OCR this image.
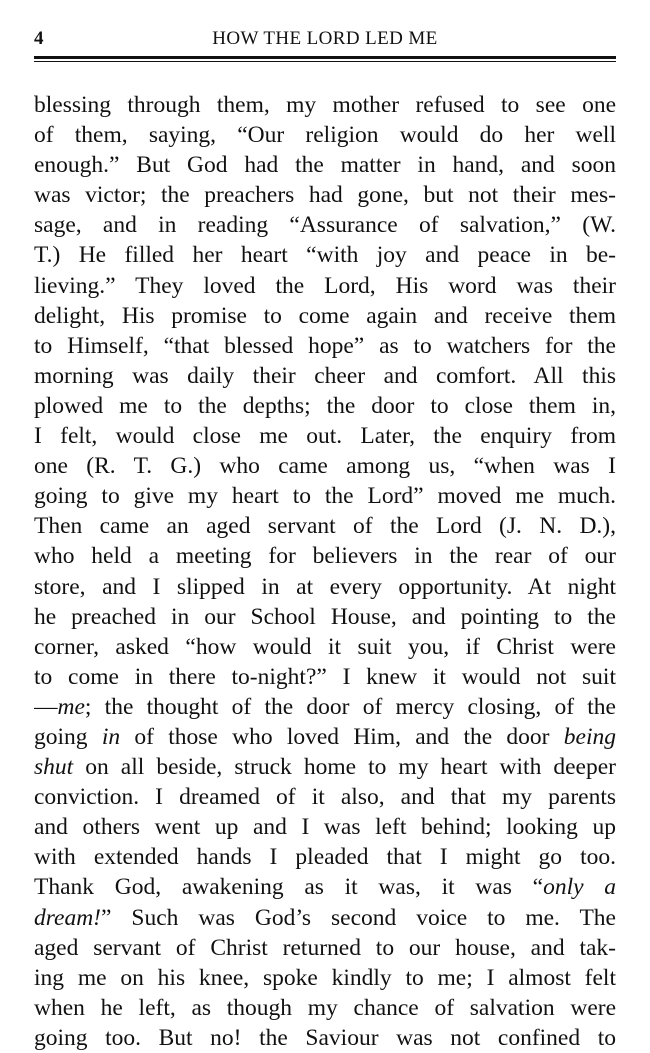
4	HOW THE LORD LED ME
blessing through them, my mother refused to see one
of them, saying, “Our religion would do her well
enough.” But God had the matter in hand, and soon
was victor; the preachers had gone, but not their mes-
sage, and in reading “Assurance of salvation,” (W.
T.) He filled her heart “with joy and peace in be-
lieving.” They loved the Lord, His word was their
delight, His promise to come again and receive them
to Himself, “that blessed hope” as to watchers for the
morning was daily their cheer and comfort. All this
plowed me to the depths; the door to close them in,
I felt, would close me out. Later, the enquiry from
one (R. T. G.) who came among us, “when was I
going to give my heart to the Lord” moved me much.
Then came an aged servant of the Lord (J. N. D.),
who held a meeting for believers in the rear of our
store, and I slipped in at every opportunity. At night
he preached in our School House, and pointing to the
corner, asked “how would it suit you, if Christ were
to come in there to-night?” I knew it would not suit
—me; the thought of the door of mercy closing, of the
going in of those who loved Him, and the door being
shut on all beside, struck home to my heart with deeper
conviction. I dreamed of it also, and that my parents
and others went up and I was left behind; looking up
with extended hands I pleaded that I might go too.
Thank God, awakening as it was, it was “only a
dream!” Such was God’s second voice to me. The
aged servant of Christ returned to our house, and tak-
ing me on his knee, spoke kindly to me; I almost felt
when he left, as though my chance of salvation were
going too. But no! the Saviour was not confined to
